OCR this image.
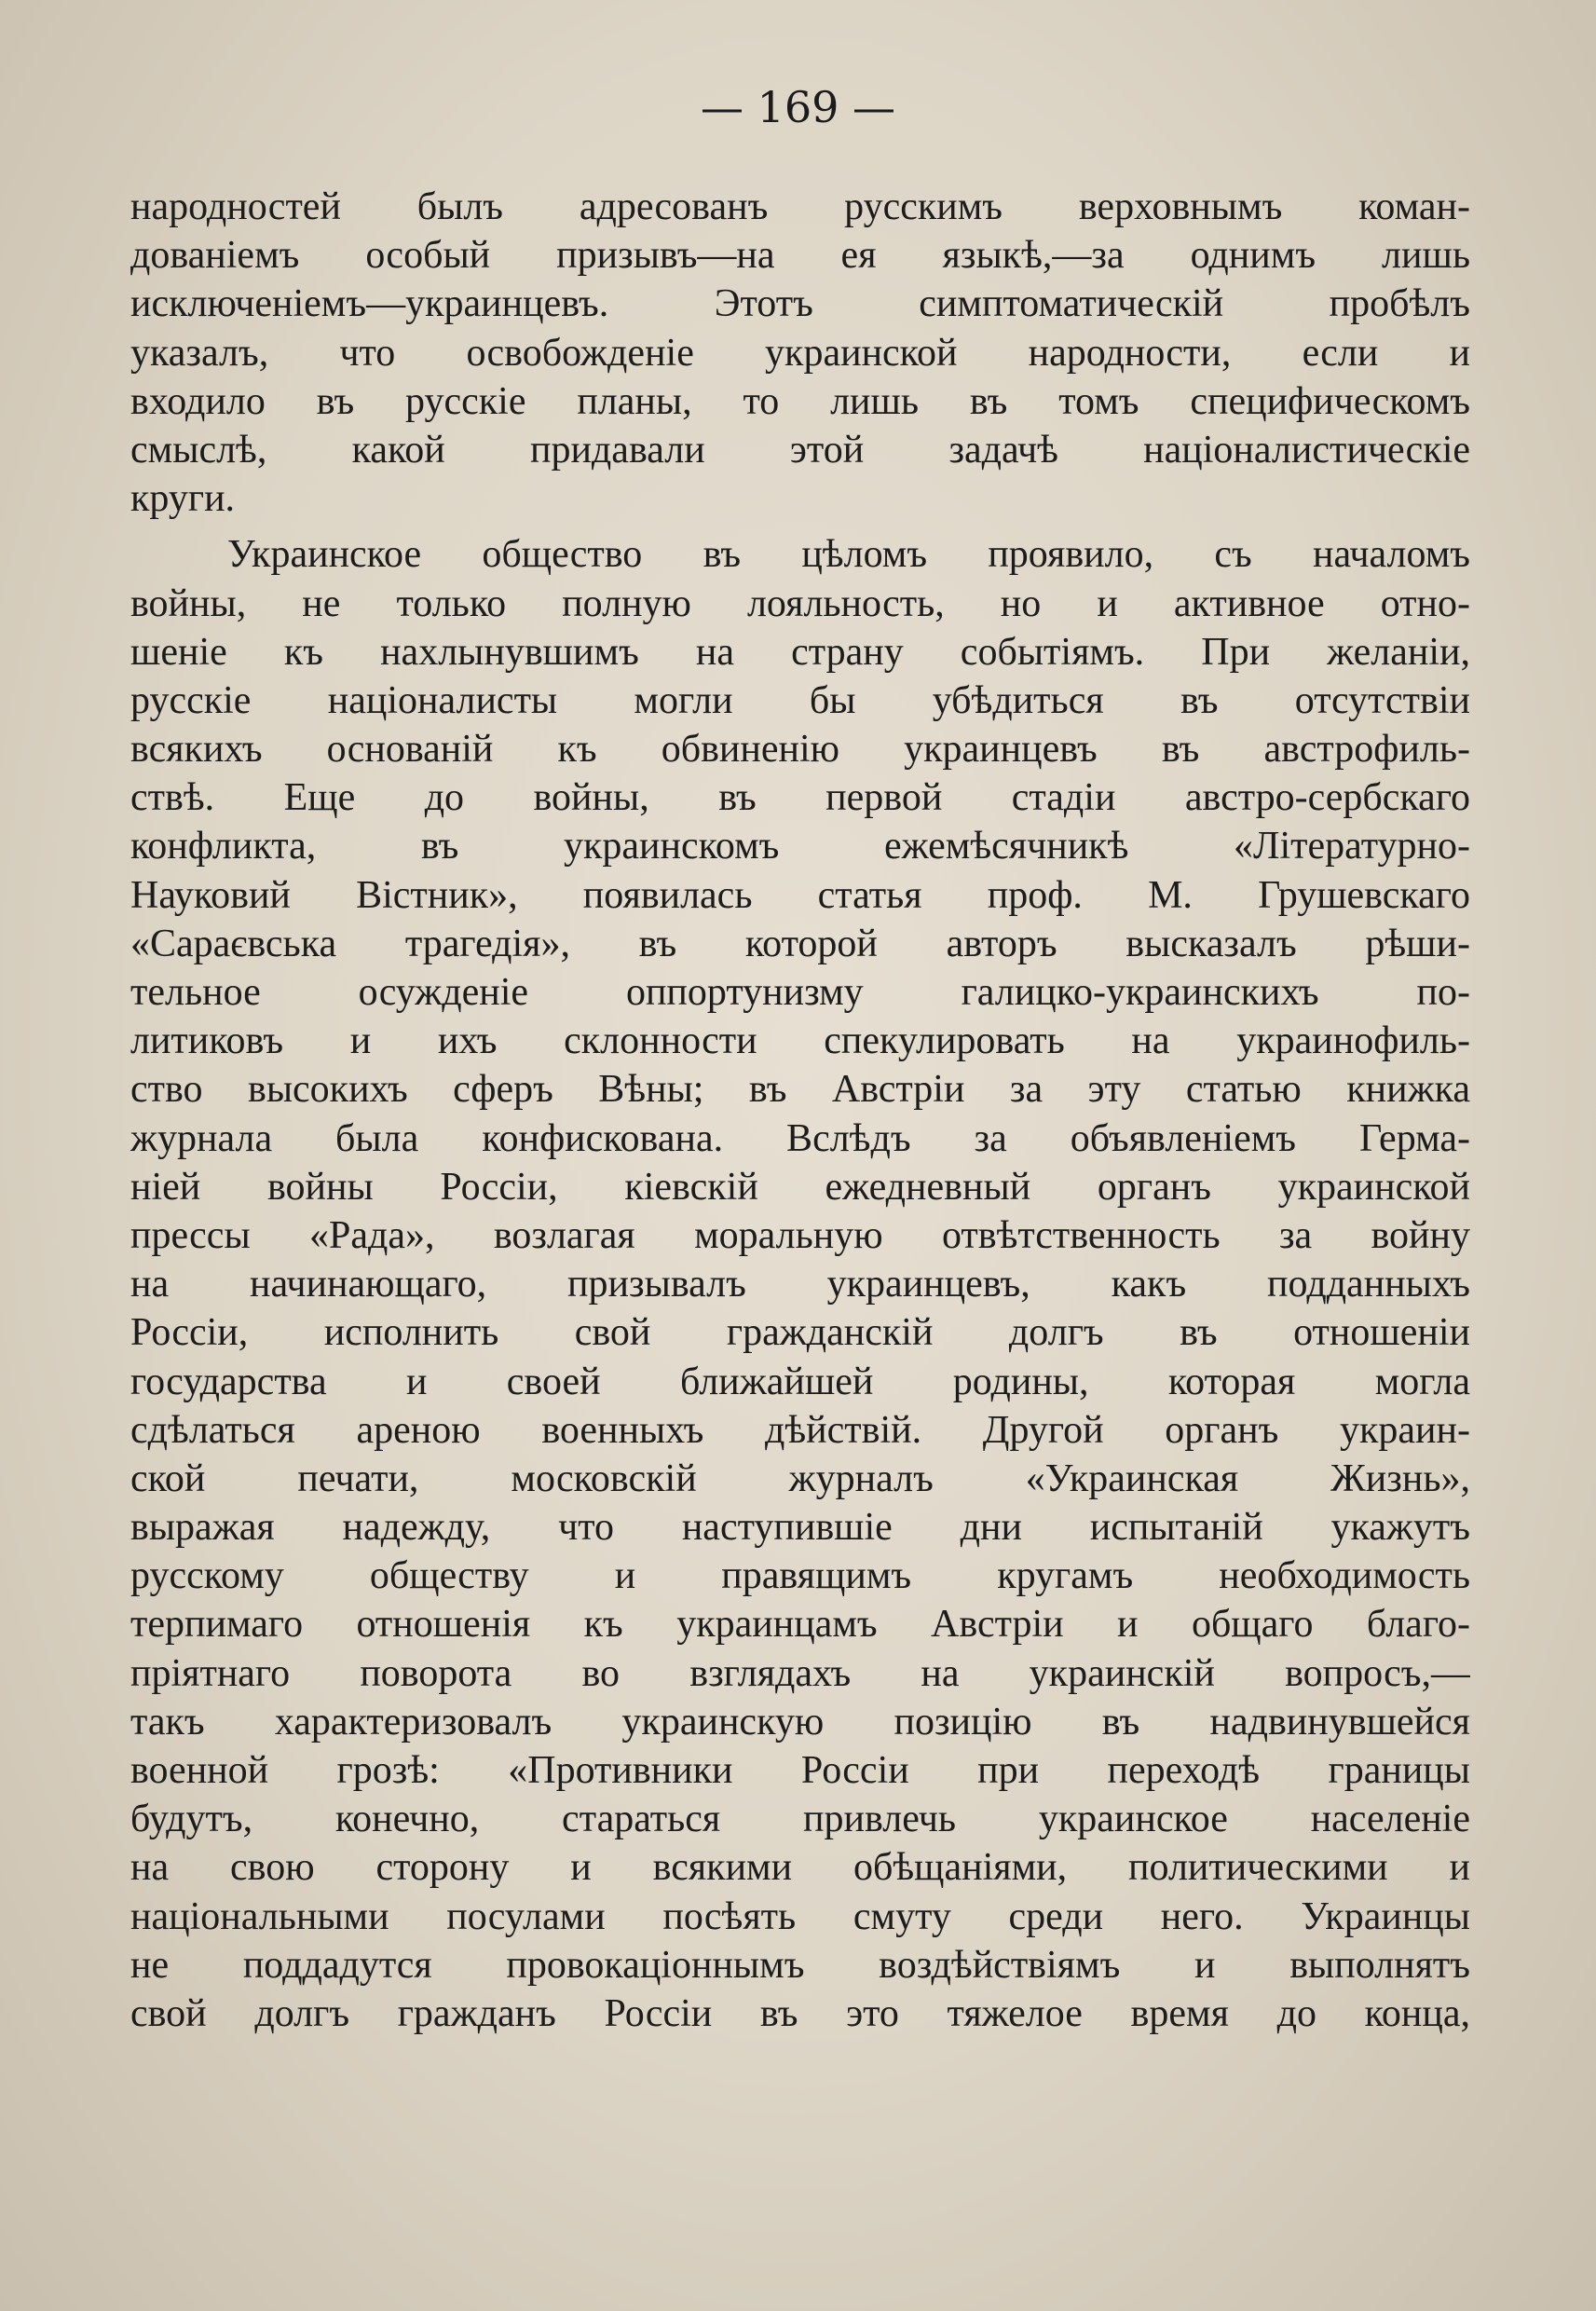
— 169 —
народностей былъ адресованъ русскимъ верховнымъ коман-
дованіемъ особый призывъ—на ея языкѣ,—за однимъ лишь
исключеніемъ—украинцевъ. Этотъ симптоматическій пробѣлъ
указалъ, что освобожденіе украинской народности, если и
входило въ русскіе планы, то лишь въ томъ специфическомъ
смыслѣ, какой придавали этой задачѣ націоналистическіе
круги.
Украинское общество въ цѣломъ проявило, съ началомъ
войны, не только полную лояльность, но и активное отно-
шеніе къ нахлынувшимъ на страну событіямъ. При желаніи,
русскіе націоналисты могли бы убѣдиться въ отсутствіи
всякихъ основаній къ обвиненію украинцевъ въ австрофиль-
ствѣ. Еще до войны, въ первой стадіи австро-сербскаго
конфликта, въ украинскомъ ежемѣсячникѣ «Літературно-
Науковий Вістник», появилась статья проф. М. Грушевскаго
«Сараєвська трагедія», въ которой авторъ высказалъ рѣши-
тельное осужденіе оппортунизму галицко-украинскихъ по-
литиковъ и ихъ склонности спекулировать на украинофиль-
ство высокихъ сферъ Вѣны; въ Австріи за эту статью книжка
журнала была конфискована. Вслѣдъ за объявленіемъ Герма-
ніей войны Россіи, кіевскій ежедневный органъ украинской
прессы «Рада», возлагая моральную отвѣтственность за войну
на начинающаго, призывалъ украинцевъ, какъ подданныхъ
Россіи, исполнить свой гражданскій долгъ въ отношеніи
государства и своей ближайшей родины, которая могла
сдѣлаться ареною военныхъ дѣйствій. Другой органъ украин-
ской печати, московскій журналъ «Украинская Жизнь»,
выражая надежду, что наступившіе дни испытаній укажутъ
русскому обществу и правящимъ кругамъ необходимость
терпимаго отношенія къ украинцамъ Австріи и общаго благо-
пріятнаго поворота во взглядахъ на украинскій вопросъ,—
такъ характеризовалъ украинскую позицію въ надвинувшейся
военной грозѣ: «Противники Россіи при переходѣ границы
будутъ, конечно, стараться привлечь украинское населеніе
на свою сторону и всякими обѣщаніями, политическими и
національными посулами посѣять смуту среди него. Украинцы
не поддадутся провокаціоннымъ воздѣйствіямъ и выполнятъ
свой долгъ гражданъ Россіи въ это тяжелое время до конца,
